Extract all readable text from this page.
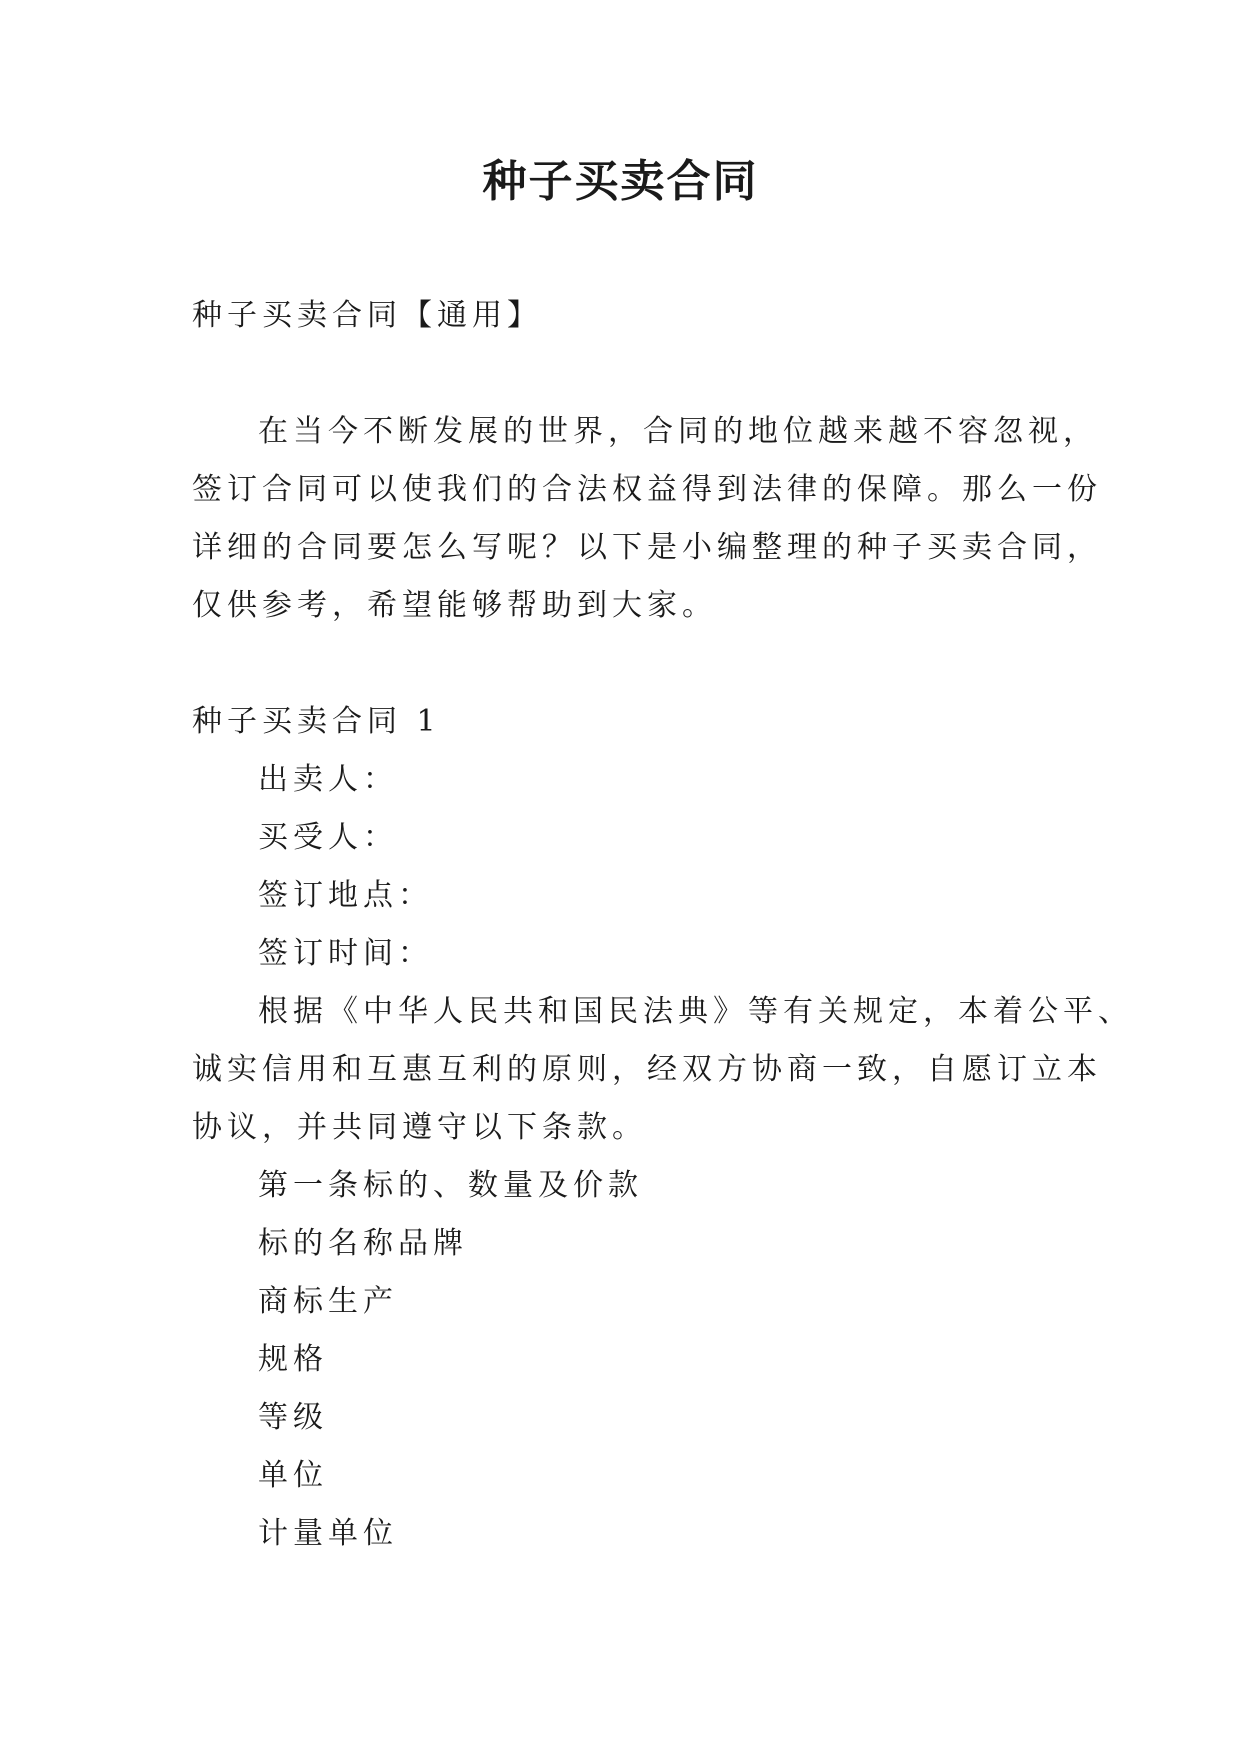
种子买卖合同

种子买卖合同【通用】

在当今不断发展的世界，合同的地位越来越不容忽视，

签订合同可以使我们的合法权益得到法律的保障。那么一份

详细的合同要怎么写呢？以下是小编整理的种子买卖合同，

仅供参考，希望能够帮助到大家。

种子买卖合同 1

出卖人：

买受人：

签订地点：

签订时间：

根据《中华人民共和国民法典》等有关规定，本着公平、

诚实信用和互惠互利的原则，经双方协商一致，自愿订立本

协议，并共同遵守以下条款。

第一条标的、数量及价款

标的名称品牌

商标生产

规格

等级

单位

计量单位
